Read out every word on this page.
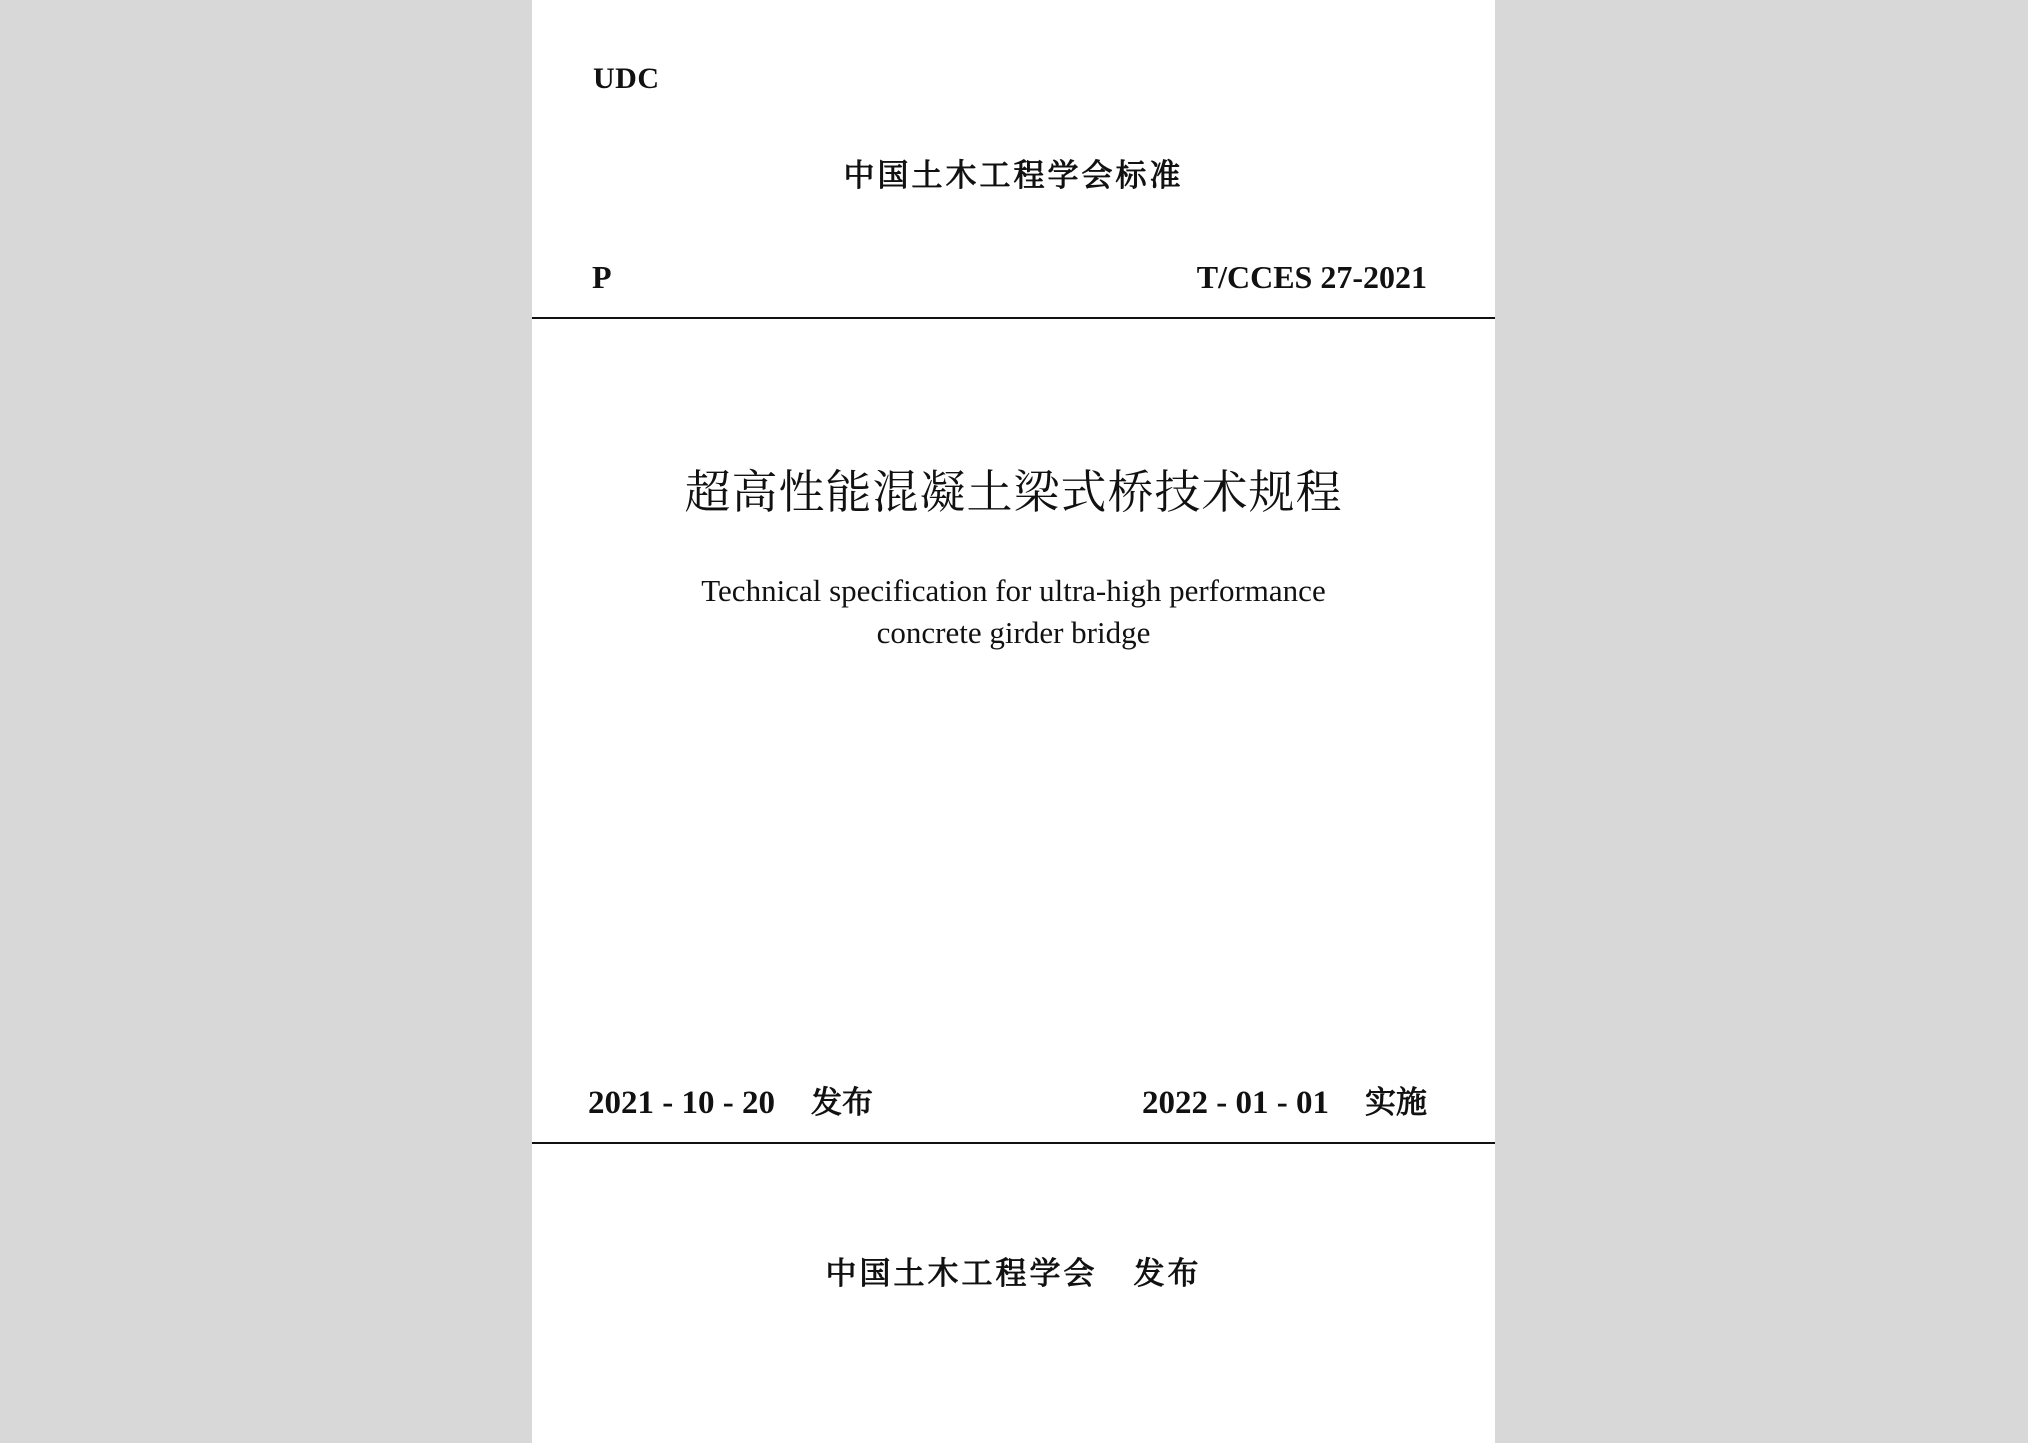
UDC
中国土木工程学会标准
P	T/CCES 27-2021
超高性能混凝土梁式桥技术规程
Technical specification for ultra-high performance
concrete girder bridge
2021 - 10 - 20 发布	2022 - 01 - 01 实施
中国土木工程学会 发布
